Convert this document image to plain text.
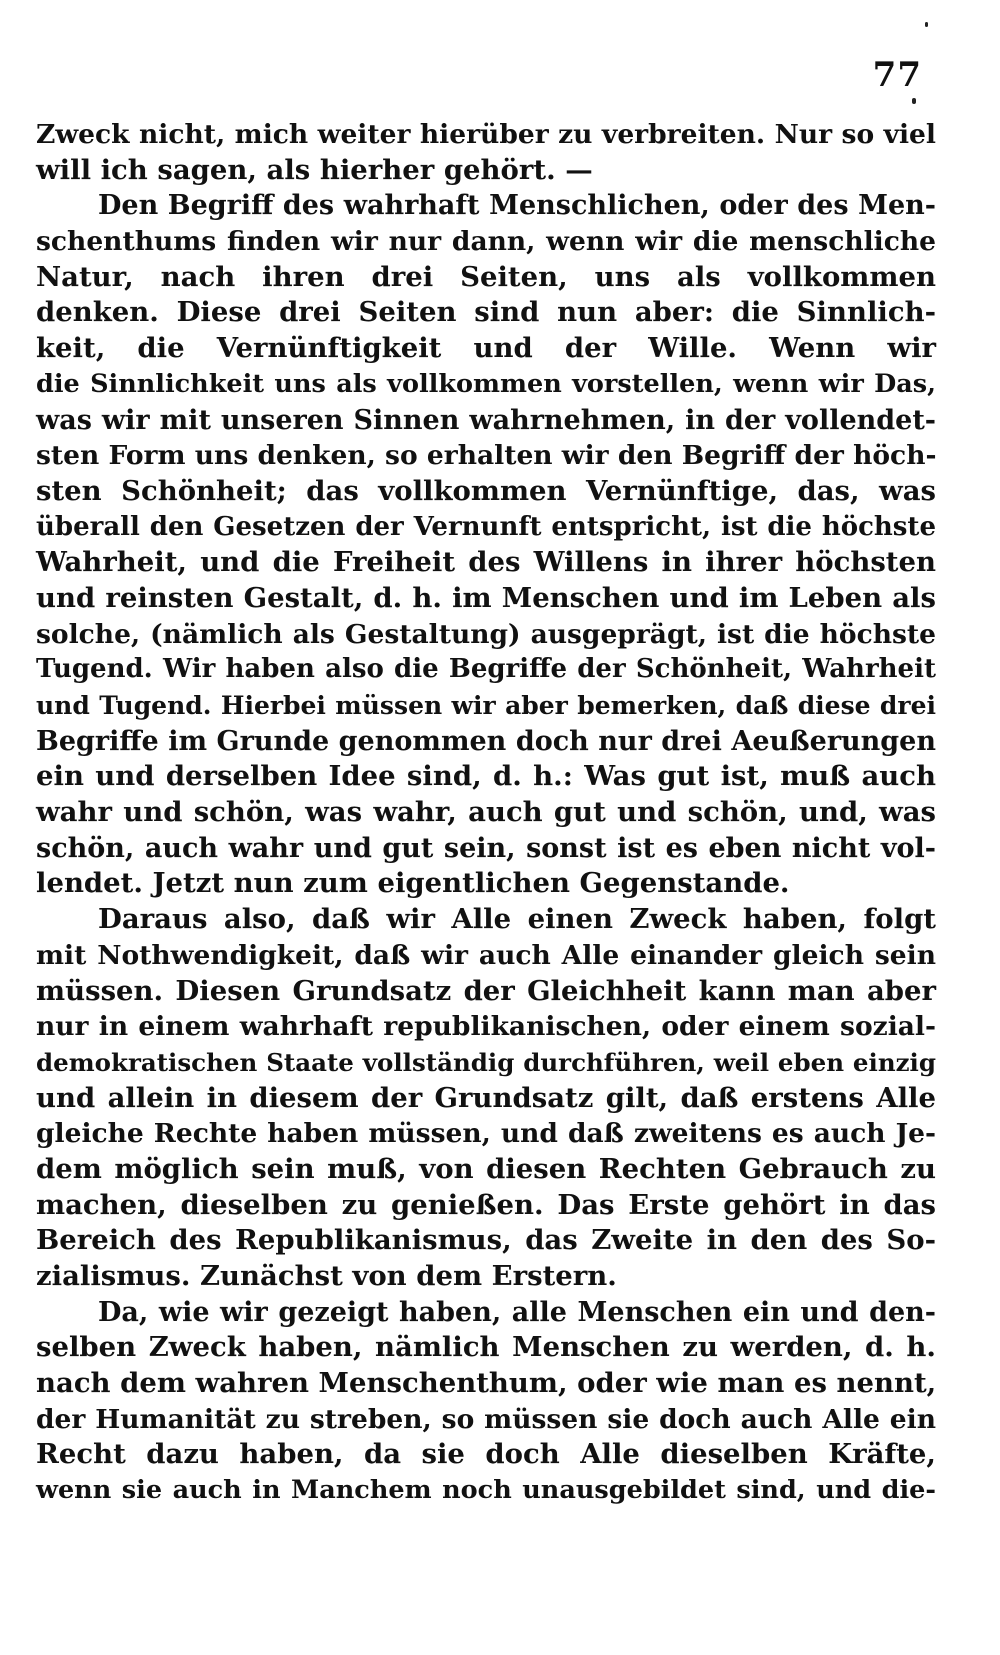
77
Zweck nicht, mich weiter hierüber zu verbreiten. Nur so viel
will ich sagen, als hierher gehört. —
Den Begriff des wahrhaft Menschlichen, oder des Men-
schenthums finden wir nur dann, wenn wir die menschliche
Natur, nach ihren drei Seiten, uns als vollkommen
denken. Diese drei Seiten sind nun aber: die Sinnlich-
keit, die Vernünftigkeit und der Wille. Wenn wir
die Sinnlichkeit uns als vollkommen vorstellen, wenn wir Das,
was wir mit unseren Sinnen wahrnehmen, in der vollendet-
sten Form uns denken, so erhalten wir den Begriff der höch-
sten Schönheit; das vollkommen Vernünftige, das, was
überall den Gesetzen der Vernunft entspricht, ist die höchste
Wahrheit, und die Freiheit des Willens in ihrer höchsten
und reinsten Gestalt, d. h. im Menschen und im Leben als
solche, (nämlich als Gestaltung) ausgeprägt, ist die höchste
Tugend. Wir haben also die Begriffe der Schönheit, Wahrheit
und Tugend. Hierbei müssen wir aber bemerken, daß diese drei
Begriffe im Grunde genommen doch nur drei Aeußerungen
ein und derselben Idee sind, d. h.: Was gut ist, muß auch
wahr und schön, was wahr, auch gut und schön, und, was
schön, auch wahr und gut sein, sonst ist es eben nicht vol-
lendet. Jetzt nun zum eigentlichen Gegenstande.
Daraus also, daß wir Alle einen Zweck haben, folgt
mit Nothwendigkeit, daß wir auch Alle einander gleich sein
müssen. Diesen Grundsatz der Gleichheit kann man aber
nur in einem wahrhaft republikanischen, oder einem sozial-
demokratischen Staate vollständig durchführen, weil eben einzig
und allein in diesem der Grundsatz gilt, daß erstens Alle
gleiche Rechte haben müssen, und daß zweitens es auch Je-
dem möglich sein muß, von diesen Rechten Gebrauch zu
machen, dieselben zu genießen. Das Erste gehört in das
Bereich des Republikanismus, das Zweite in den des So-
zialismus. Zunächst von dem Erstern.
Da, wie wir gezeigt haben, alle Menschen ein und den-
selben Zweck haben, nämlich Menschen zu werden, d. h.
nach dem wahren Menschenthum, oder wie man es nennt,
der Humanität zu streben, so müssen sie doch auch Alle ein
Recht dazu haben, da sie doch Alle dieselben Kräfte,
wenn sie auch in Manchem noch unausgebildet sind, und die-
